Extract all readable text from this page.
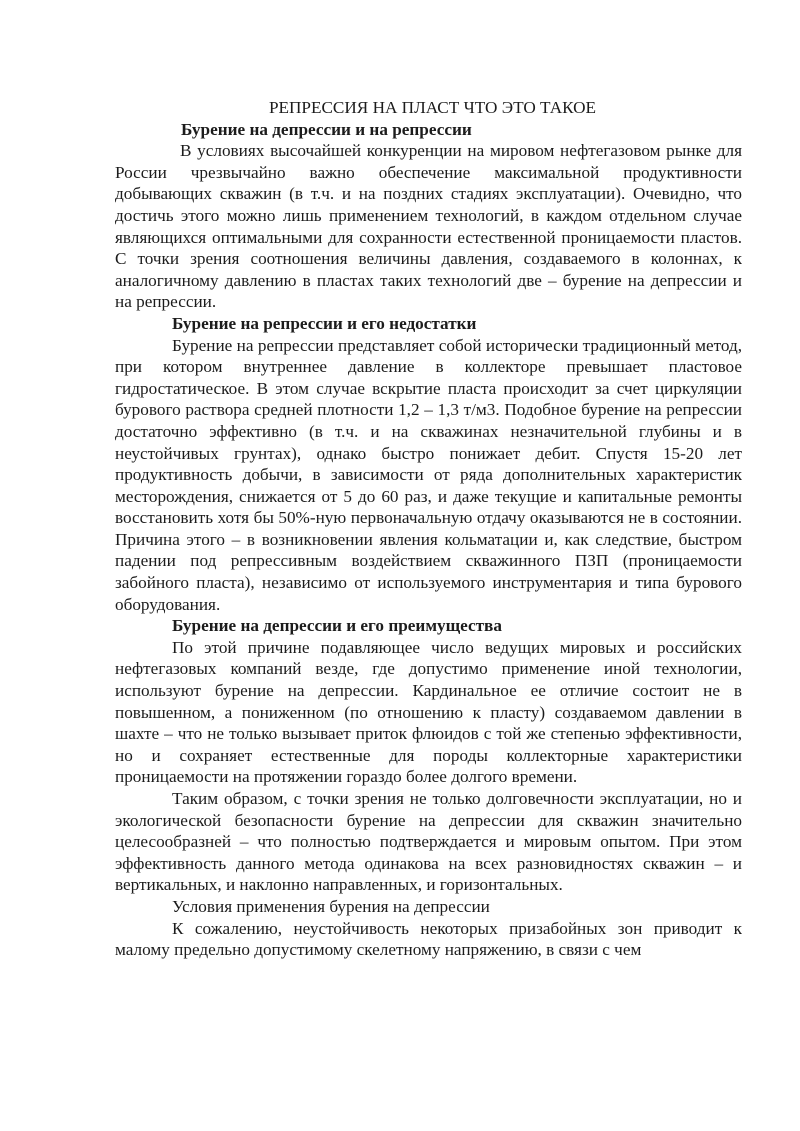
РЕПРЕССИЯ НА ПЛАСТ ЧТО ЭТО ТАКОЕ

Бурение на депрессии и на репрессии

В условиях высочайшей конкуренции на мировом нефтегазовом рынке для России чрезвычайно важно обеспечение максимальной продуктивности добывающих скважин (в т.ч. и на поздних стадиях эксплуатации). Очевидно, что достичь этого можно лишь применением технологий, в каждом отдельном случае являющихся оптимальными для сохранности естественной проницаемости пластов. С точки зрения соотношения величины давления, создаваемого в колоннах, к аналогичному давлению в пластах таких технологий две – бурение на депрессии и на репрессии.

Бурение на репрессии и его недостатки

Бурение на репрессии представляет собой исторически традиционный метод, при котором внутреннее давление в коллекторе превышает пластовое гидростатическое. В этом случае вскрытие пласта происходит за счет циркуляции бурового раствора средней плотности 1,2 – 1,3 т/м3. Подобное бурение на репрессии достаточно эффективно (в т.ч. и на скважинах незначительной глубины и в неустойчивых грунтах), однако быстро понижает дебит. Спустя 15-20 лет продуктивность добычи, в зависимости от ряда дополнительных характеристик месторождения, снижается от 5 до 60 раз, и даже текущие и капитальные ремонты восстановить хотя бы 50%-ную первоначальную отдачу оказываются не в состоянии. Причина этого – в возникновении явления кольматации и, как следствие, быстром падении под репрессивным воздействием скважинного ПЗП (проницаемости забойного пласта), независимо от используемого инструментария и типа бурового оборудования.

Бурение на депрессии и его преимущества

По этой причине подавляющее число ведущих мировых и российских нефтегазовых компаний везде, где допустимо применение иной технологии, используют бурение на депрессии. Кардинальное ее отличие состоит не в повышенном, а пониженном (по отношению к пласту) создаваемом давлении в шахте – что не только вызывает приток флюидов с той же степенью эффективности, но и сохраняет естественные для породы коллекторные характеристики проницаемости на протяжении гораздо более долгого времени.

Таким образом, с точки зрения не только долговечности эксплуатации, но и экологической безопасности бурение на депрессии для скважин значительно целесообразней – что полностью подтверждается и мировым опытом. При этом эффективность данного метода одинакова на всех разновидностях скважин – и вертикальных, и наклонно направленных, и горизонтальных.

Условия применения бурения на депрессии

К сожалению, неустойчивость некоторых призабойных зон приводит к малому предельно допустимому скелетному напряжению, в связи с чем
